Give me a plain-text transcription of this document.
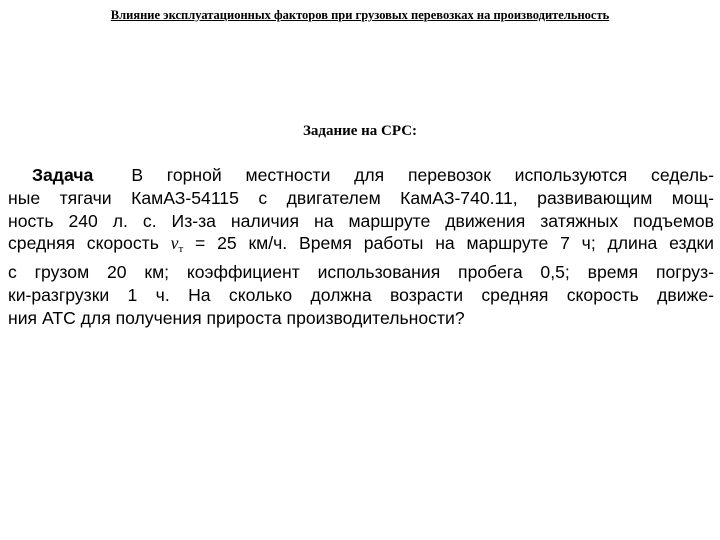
Влияние эксплуатационных факторов при грузовых перевозках на производительность
Задание на СРС:
Задача В горной местности для перевозок используются седель-
ные тягачи КамАЗ-54115 с двигателем КамАЗ-740.11, развивающим мощ-
ность 240 л. с. Из-за наличия на маршруте движения затяжных подъемов
средняя скорость vт = 25 км/ч. Время работы на маршруте 7 ч; длина ездки
с грузом 20 км; коэффициент использования пробега 0,5; время погруз-
ки-разгрузки 1 ч. На сколько должна возрасти средняя скорость движе-
ния АТС для получения прироста производительности?
